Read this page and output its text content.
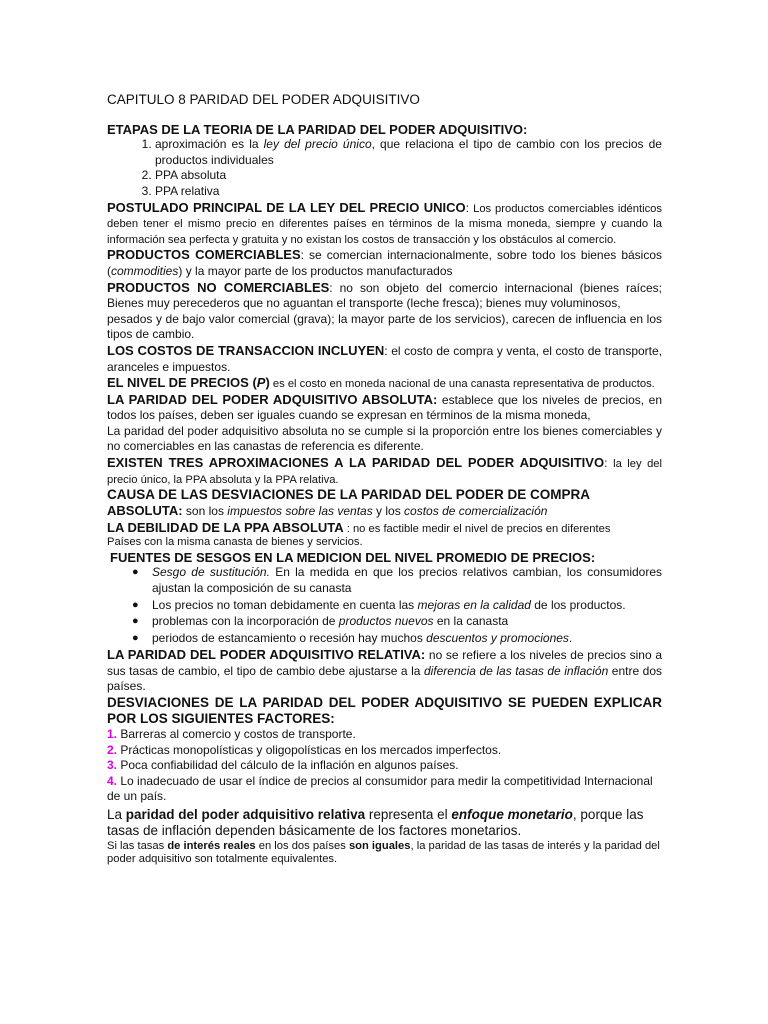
CAPITULO 8 PARIDAD DEL PODER ADQUISITIVO

ETAPAS DE LA TEORIA DE LA PARIDAD DEL PODER ADQUISITIVO:

1. aproximación es la ley del precio único, que relaciona el tipo de cambio con los precios de productos individuales
2. PPA absoluta
3. PPA relativa

POSTULADO PRINCIPAL DE LA LEY DEL PRECIO UNICO: Los productos comerciables idénticos deben tener el mismo precio en diferentes países en términos de la misma moneda, siempre y cuando la información sea perfecta y gratuita y no existan los costos de transacción y los obstáculos al comercio.

PRODUCTOS COMERCIABLES: se comercian internacionalmente, sobre todo los bienes básicos (commodities) y la mayor parte de los productos manufacturados

PRODUCTOS NO COMERCIABLES: no son objeto del comercio internacional (bienes raíces; Bienes muy perecederos que no aguantan el transporte (leche fresca); bienes muy voluminosos,

pesados y de bajo valor comercial (grava); la mayor parte de los servicios), carecen de influencia en los tipos de cambio.

LOS COSTOS DE TRANSACCION INCLUYEN: el costo de compra y venta, el costo de transporte, aranceles e impuestos.

EL NIVEL DE PRECIOS (P) es el costo en moneda nacional de una canasta representativa de productos.

LA PARIDAD DEL PODER ADQUISITIVO ABSOLUTA: establece que los niveles de precios, en todos los países, deben ser iguales cuando se expresan en términos de la misma moneda,

La paridad del poder adquisitivo absoluta no se cumple si la proporción entre los bienes comerciables y no comerciables en las canastas de referencia es diferente.

EXISTEN TRES APROXIMACIONES A LA PARIDAD DEL PODER ADQUISITIVO: la ley del precio único, la PPA absoluta y la PPA relativa.

CAUSA DE LAS DESVIACIONES DE LA PARIDAD DEL PODER DE COMPRA

ABSOLUTA: son los impuestos sobre las ventas y los costos de comercialización

LA DEBILIDAD DE LA PPA ABSOLUTA : no es factible medir el nivel de precios en diferentes

Países con la misma canasta de bienes y servicios.

FUENTES DE SESGOS EN LA MEDICION DEL NIVEL PROMEDIO DE PRECIOS:

● Sesgo de sustitución. En la medida en que los precios relativos cambian, los consumidores ajustan la composición de su canasta
● Los precios no toman debidamente en cuenta las mejoras en la calidad de los productos.
● problemas con la incorporación de productos nuevos en la canasta
● periodos de estancamiento o recesión hay muchos descuentos y promociones.

LA PARIDAD DEL PODER ADQUISITIVO RELATIVA: no se refiere a los niveles de precios sino a sus tasas de cambio, el tipo de cambio debe ajustarse a la diferencia de las tasas de inflación entre dos países.

DESVIACIONES DE LA PARIDAD DEL PODER ADQUISITIVO SE PUEDEN EXPLICAR POR LOS SIGUIENTES FACTORES:

1. Barreras al comercio y costos de transporte.

2. Prácticas monopolísticas y oligopolísticas en los mercados imperfectos.

3. Poca confiabilidad del cálculo de la inflación en algunos países.

4. Lo inadecuado de usar el índice de precios al consumidor para medir la competitividad Internacional de un país.

La paridad del poder adquisitivo relativa representa el enfoque monetario, porque las tasas de inflación dependen básicamente de los factores monetarios.

Si las tasas de interés reales en los dos países son iguales, la paridad de las tasas de interés y la paridad del poder adquisitivo son totalmente equivalentes.
